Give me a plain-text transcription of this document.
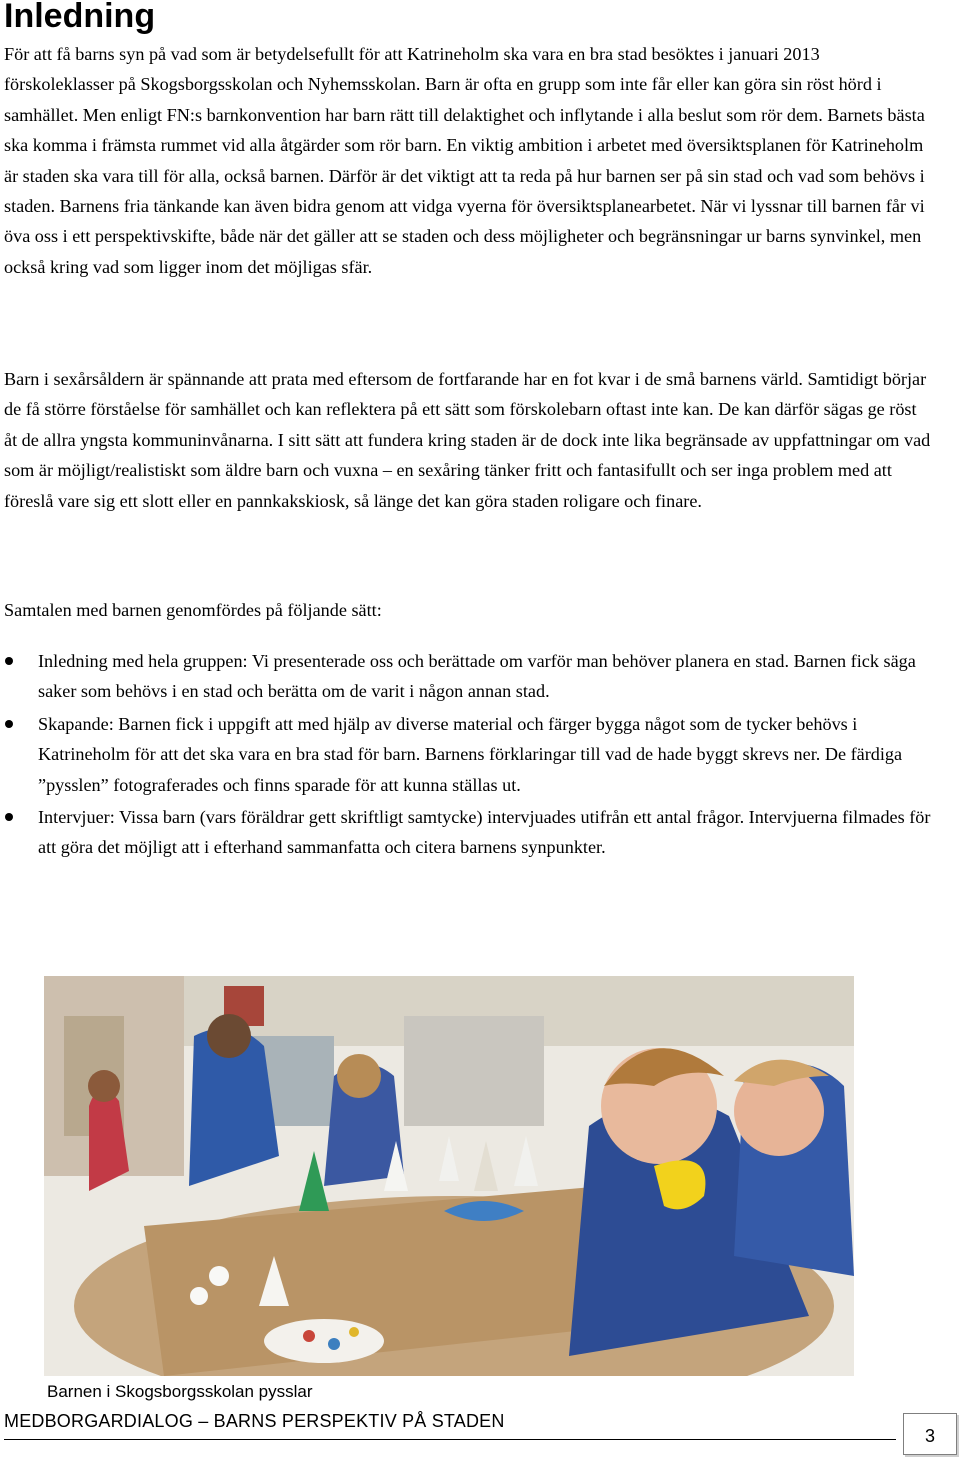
Inledning

För att få barns syn på vad som är betydelsefullt för att Katrineholm ska vara en bra stad besöktes i januari 2013 förskoleklasser på Skogsborgsskolan och Nyhemsskolan. Barn är ofta en grupp som inte får eller kan göra sin röst hörd i samhället. Men enligt FN:s barnkonvention har barn rätt till delaktighet och inflytande i alla beslut som rör dem. Barnets bästa ska komma i främsta rummet vid alla åtgärder som rör barn. En viktig ambition i arbetet med översiktsplanen för Katrineholm är staden ska vara till för alla, också barnen. Därför är det viktigt att ta reda på hur barnen ser på sin stad och vad som behövs i staden. Barnens fria tänkande kan även bidra genom att vidga vyerna för översiktsplanearbetet. När vi lyssnar till barnen får vi öva oss i ett perspektivskifte, både när det gäller att se staden och dess möjligheter och begränsningar ur barns synvinkel, men också kring vad som ligger inom det möjligas sfär.

Barn i sexårsåldern är spännande att prata med eftersom de fortfarande har en fot kvar i de små barnens värld. Samtidigt börjar de få större förståelse för samhället och kan reflektera på ett sätt som förskolebarn oftast inte kan. De kan därför sägas ge röst åt de allra yngsta kommuninvånarna. I sitt sätt att fundera kring staden är de dock inte lika begränsade av uppfattningar om vad som är möjligt/realistiskt som äldre barn och vuxna – en sexåring tänker fritt och fantasifullt och ser inga problem med att föreslå vare sig ett slott eller en pannkakskiosk, så länge det kan göra staden roligare och finare.

Samtalen med barnen genomfördes på följande sätt:

Inledning med hela gruppen: Vi presenterade oss och berättade om varför man behöver planera en stad. Barnen fick säga saker som behövs i en stad och berätta om de varit i någon annan stad.
Skapande: Barnen fick i uppgift att med hjälp av diverse material och färger bygga något som de tycker behövs i Katrineholm för att det ska vara en bra stad för barn. Barnens förklaringar till vad de hade byggt skrevs ner. De färdiga ”pysslen” fotograferades och finns sparade för att kunna ställas ut.
Intervjuer: Vissa barn (vars föräldrar gett skriftligt samtycke) intervjuades utifrån ett antal frågor. Intervjuerna filmades för att göra det möjligt att i efterhand sammanfatta och citera barnens synpunkter.
Barnen i Skogsborgsskolan pysslar
MEDBORGARDIALOG – BARNS PERSPEKTIV PÅ STADEN
3
